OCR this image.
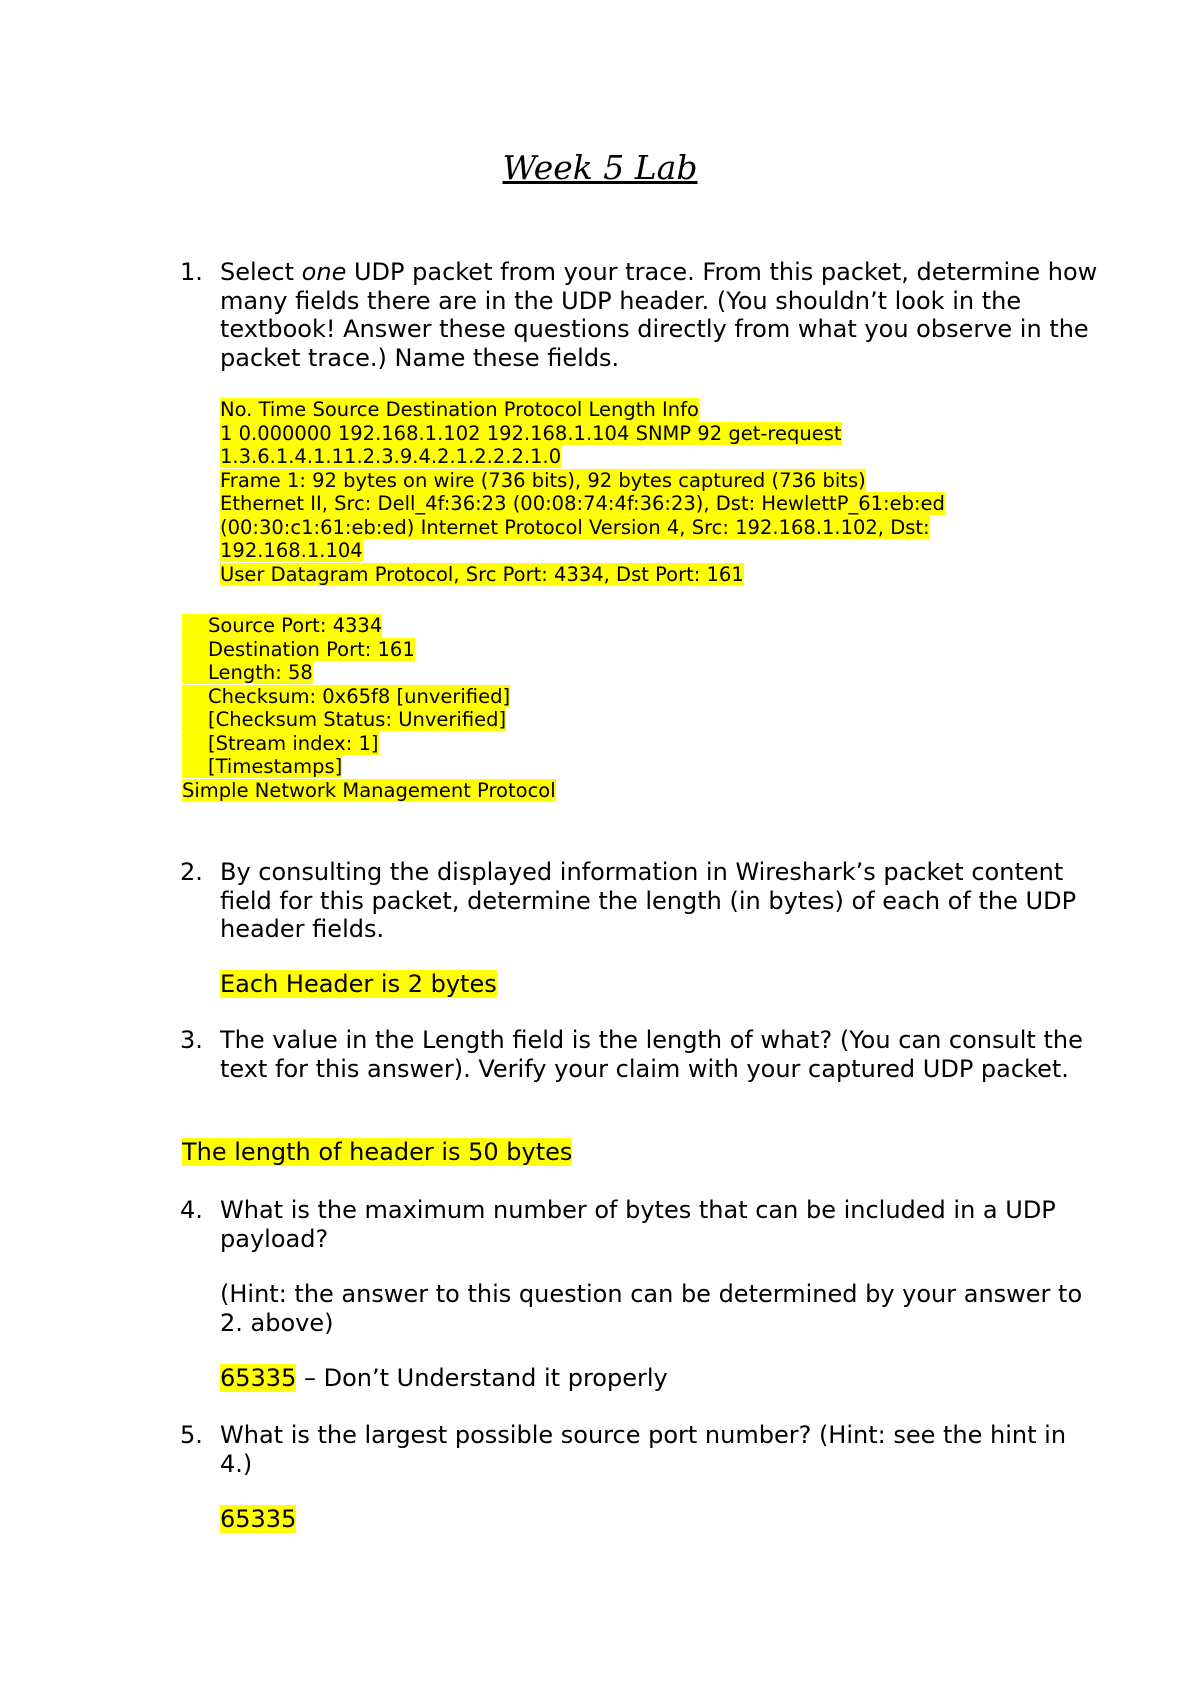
Week 5 Lab
1. Select one UDP packet from your trace. From this packet, determine how many fields there are in the UDP header. (You shouldn’t look in the textbook! Answer these questions directly from what you observe in the packet trace.) Name these fields.

No. Time Source Destination Protocol Length Info
1 0.000000 192.168.1.102 192.168.1.104 SNMP 92 get-request 1.3.6.1.4.1.11.2.3.9.4.2.1.2.2.2.1.0
Frame 1: 92 bytes on wire (736 bits), 92 bytes captured (736 bits)
Ethernet II, Src: Dell_4f:36:23 (00:08:74:4f:36:23), Dst: HewlettP_61:eb:ed (00:30:c1:61:eb:ed) Internet Protocol Version 4, Src: 192.168.1.102, Dst: 192.168.1.104
User Datagram Protocol, Src Port: 4334, Dst Port: 161
Source Port: 4334
Destination Port: 161
Length: 58
Checksum: 0x65f8 [unverified]
[Checksum Status: Unverified]
[Stream index: 1]
[Timestamps]
Simple Network Management Protocol
2. By consulting the displayed information in Wireshark’s packet content field for this packet, determine the length (in bytes) of each of the UDP header fields.

Each Header is 2 bytes

3. The value in the Length field is the length of what? (You can consult the text for this answer). Verify your claim with your captured UDP packet.

The length of header is 50 bytes

4. What is the maximum number of bytes that can be included in a UDP payload?

(Hint: the answer to this question can be determined by your answer to 2. above)

65335 – Don’t Understand it properly

5. What is the largest possible source port number? (Hint: see the hint in 4.)

65335
